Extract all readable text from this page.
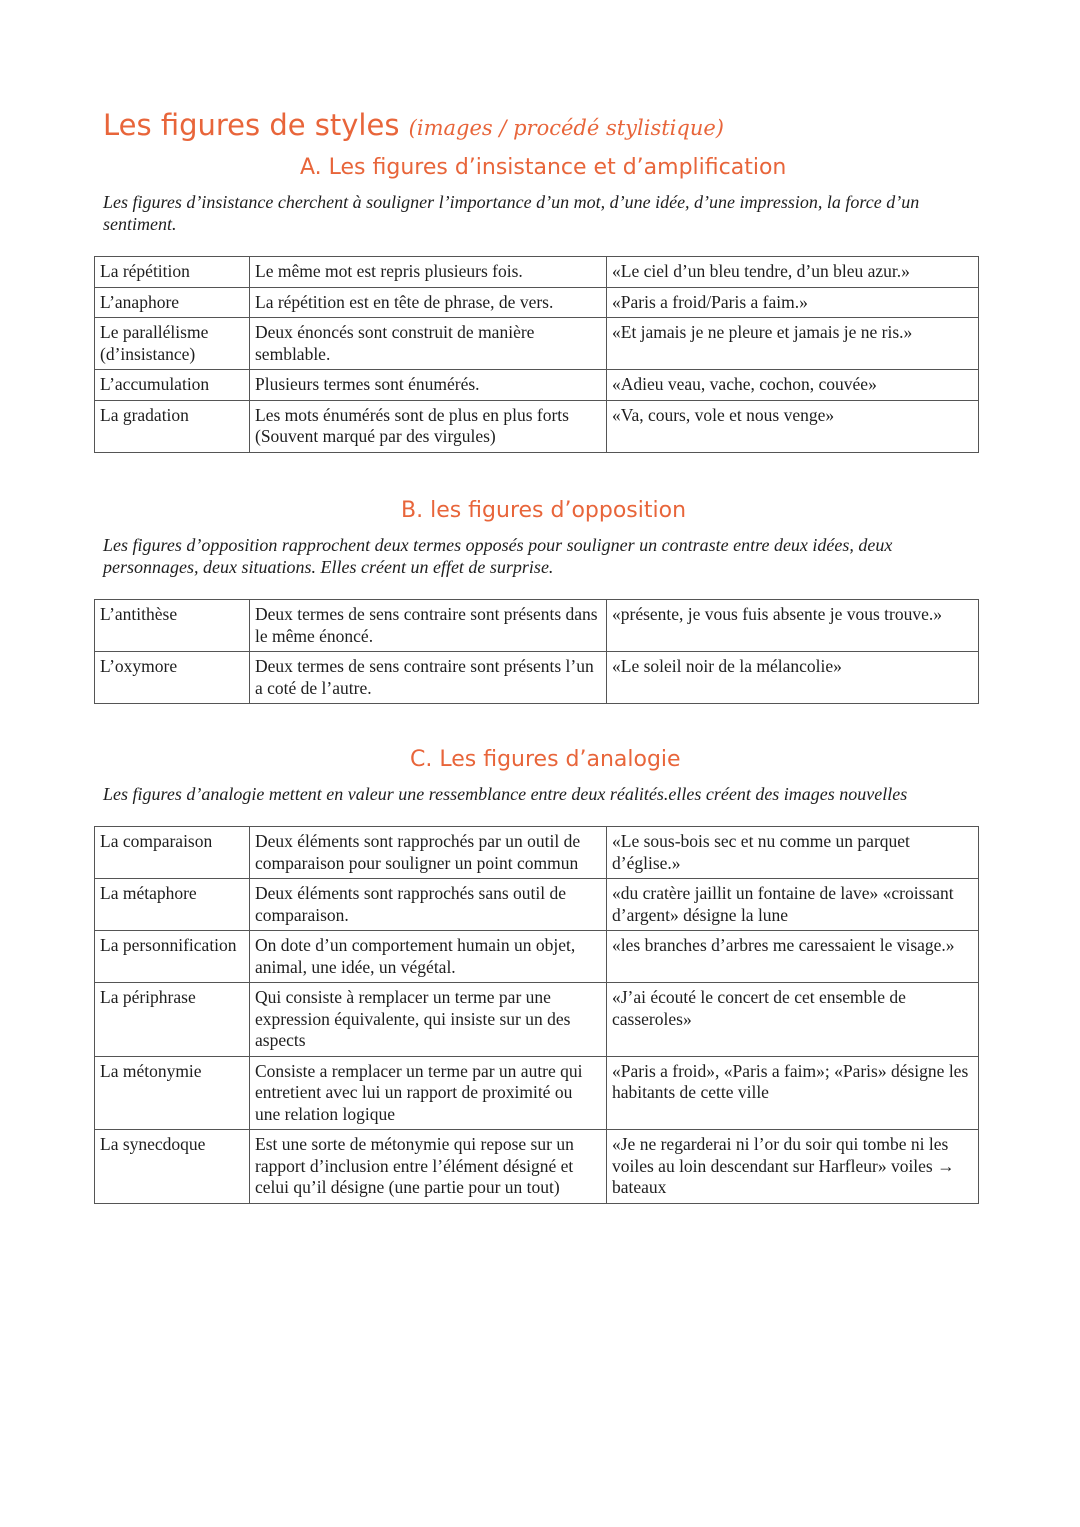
Les figures de styles (images / procédé stylistique)
A. Les figures d’insistance et d’amplification

Les figures d’insistance cherchent à souligner l’importance d’un mot, d’une idée, d’une impression, la force d’un sentiment.

La répétition	Le même mot est repris plusieurs fois.	«Le ciel d’un bleu tendre, d’un bleu azur.»
L’anaphore	La répétition est en tête de phrase, de vers.	«Paris a froid/Paris a faim.»
Le parallélisme (d’insistance)	Deux énoncés sont construit de manière semblable.	«Et jamais je ne pleure et jamais je ne ris.»
L’accumulation	Plusieurs termes sont énumérés.	«Adieu veau, vache, cochon, couvée»
La gradation	Les mots énumérés sont de plus en plus forts (Souvent marqué par des virgules)	«Va, cours, vole et nous venge»
B. les figures d’opposition

Les figures d’opposition rapprochent deux termes opposés pour souligner un contraste entre deux idées, deux personnages, deux situations. Elles créent un effet de surprise.

L’antithèse	Deux termes de sens contraire sont présents dans le même énoncé.	«présente, je vous fuis absente je vous trouve.»
L’oxymore	Deux termes de sens contraire sont présents l’un a coté de l’autre.	«Le soleil noir de la mélancolie»
C. Les figures d’analogie

Les figures d’analogie mettent en valeur une ressemblance entre deux réalités.elles créent des images nouvelles

La comparaison	Deux éléments sont rapprochés par un outil de comparaison pour souligner un point commun	«Le sous-bois sec et nu comme un parquet d’église.»
La métaphore	Deux éléments sont rapprochés sans outil de comparaison.	«du cratère jaillit un fontaine de lave» «croissant d’argent» désigne la lune
La personnification	On dote d’un comportement humain un objet, animal, une idée, un végétal.	«les branches d’arbres me caressaient le visage.»
La périphrase	Qui consiste à remplacer un terme par une expression équivalente, qui insiste sur un des aspects	«J’ai écouté le concert de cet ensemble de casseroles»
La métonymie	Consiste a remplacer un terme par un autre qui entretient avec lui un rapport de proximité ou une relation logique	«Paris a froid», «Paris a faim»; «Paris» désigne les habitants de cette ville
La synecdoque	Est une sorte de métonymie qui repose sur un rapport d’inclusion entre l’élément désigné et celui qu’il désigne (une partie pour un tout)	«Je ne regarderai ni l’or du soir qui tombe ni les voiles au loin descendant sur Harfleur» voiles → bateaux
